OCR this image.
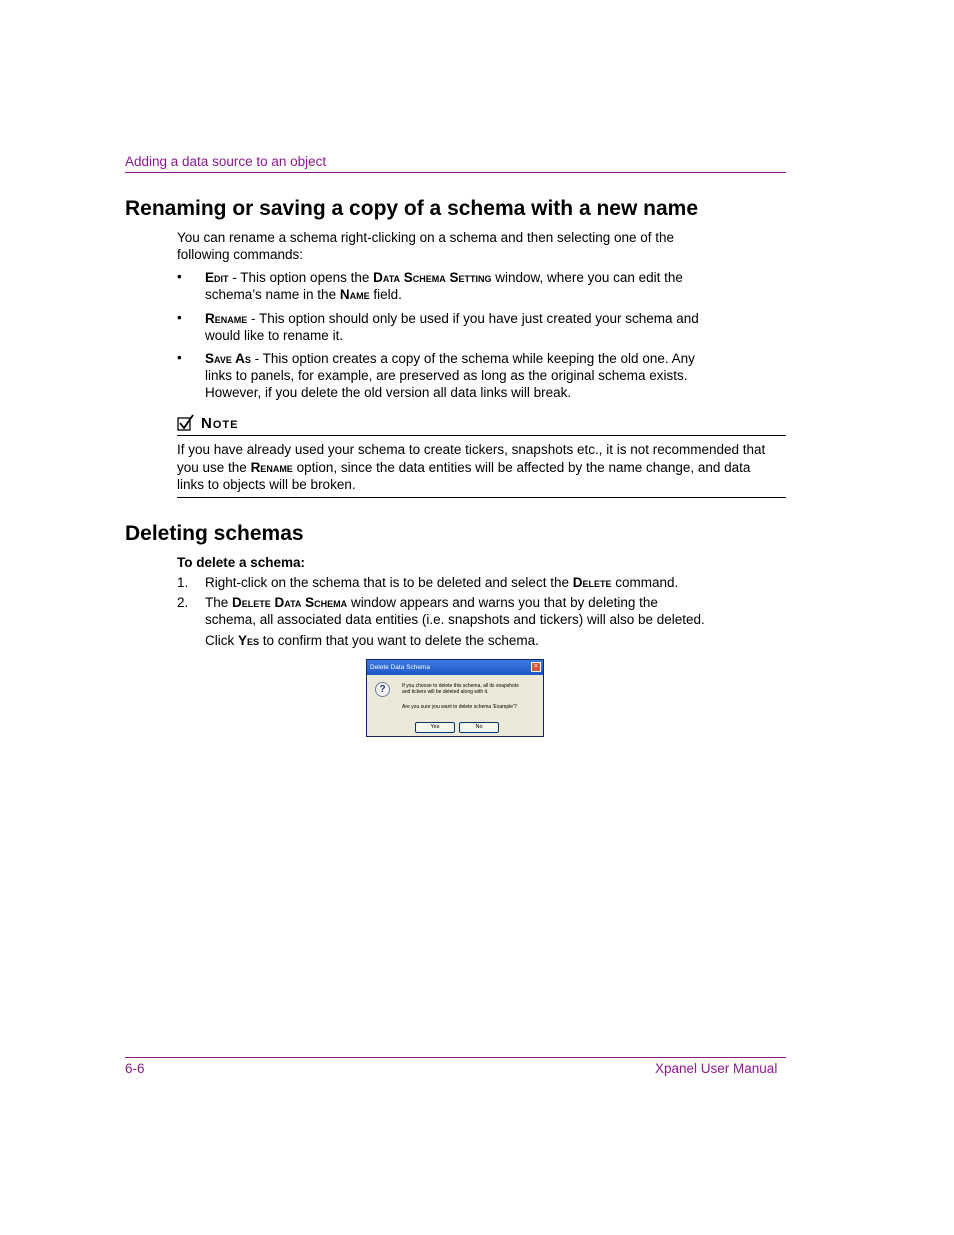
Adding a data source to an object
Renaming or saving a copy of a schema with a new name
You can rename a schema right-clicking on a schema and then selecting one of the
following commands:
• Edit - This option opens the Data Schema Setting window, where you can edit the
schema’s name in the Name field.
• Rename - This option should only be used if you have just created your schema and
would like to rename it.
• Save As - This option creates a copy of the schema while keeping the old one. Any
links to panels, for example, are preserved as long as the original schema exists.
However, if you delete the old version all data links will break.
Note
If you have already used your schema to create tickers, snapshots etc., it is not recommended that
you use the Rename option, since the data entities will be affected by the name change, and data
links to objects will be broken.
Deleting schemas
To delete a schema:
1. Right-click on the schema that is to be deleted and select the Delete command.
2. The Delete Data Schema window appears and warns you that by deleting the
schema, all associated data entities (i.e. snapshots and tickers) will also be deleted.
Click Yes to confirm that you want to delete the schema.
Delete Data Schema	×
?	If you choose to delete this schema, all its snapshots
and tickers will be deleted along with it.
Are you sure you want to delete schema 'Example'?
Yes	No
6-6	Xpanel User Manual
